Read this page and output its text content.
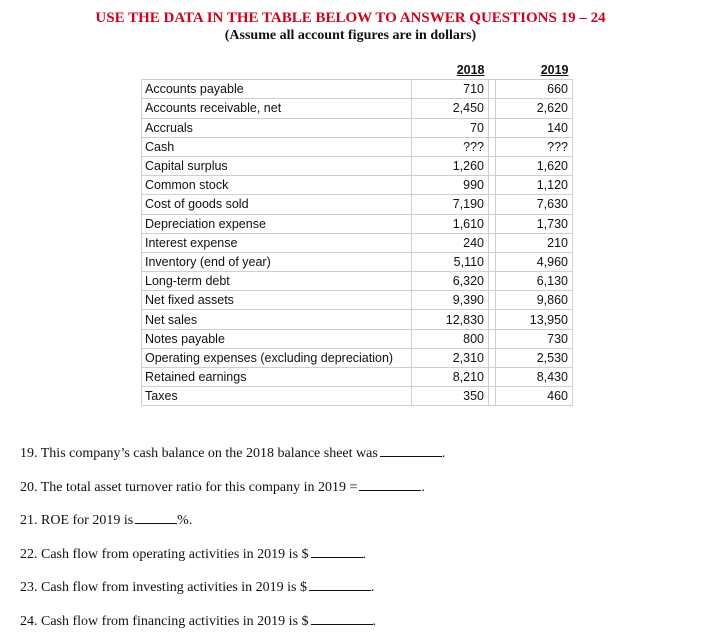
USE THE DATA IN THE TABLE BELOW TO ANSWER QUESTIONS 19 – 24
(Assume all account figures are in dollars)
	2018		2019
Accounts payable	710		660
Accounts receivable, net	2,450		2,620
Accruals	70		140
Cash	???		???
Capital surplus	1,260		1,620
Common stock	990		1,120
Cost of goods sold	7,190		7,630
Depreciation expense	1,610		1,730
Interest expense	240		210
Inventory (end of year)	5,110		4,960
Long-term debt	6,320		6,130
Net fixed assets	9,390		9,860
Net sales	12,830		13,950
Notes payable	800		730
Operating expenses (excluding depreciation)	2,310		2,530
Retained earnings	8,210		8,430
Taxes	350		460
19. This company’s cash balance on the 2018 balance sheet was	.
20. The total asset turnover ratio for this company in 2019 =	.
21. ROE for 2019 is	%.
22. Cash flow from operating activities in 2019 is $	.
23. Cash flow from investing activities in 2019 is $	.
24. Cash flow from financing activities in 2019 is $	.
